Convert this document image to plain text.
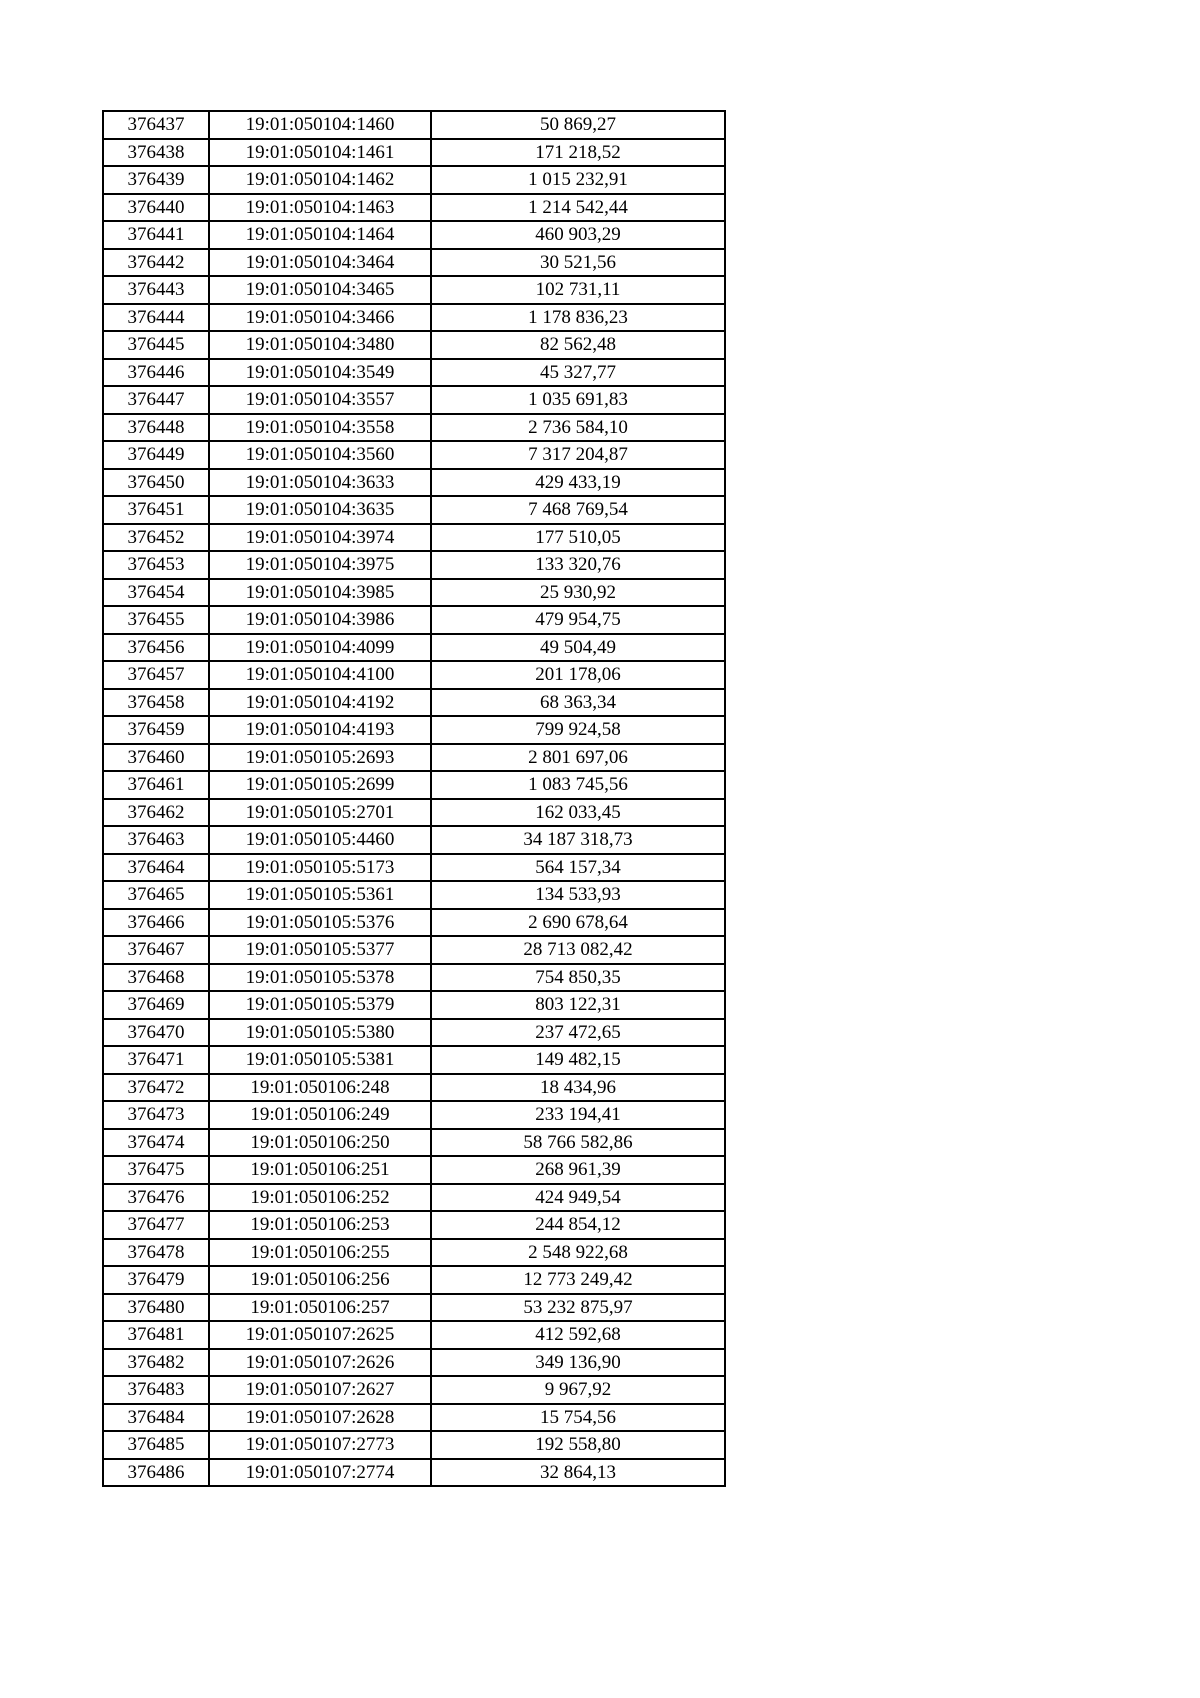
376437	19:01:050104:1460	50 869,27
376438	19:01:050104:1461	171 218,52
376439	19:01:050104:1462	1 015 232,91
376440	19:01:050104:1463	1 214 542,44
376441	19:01:050104:1464	460 903,29
376442	19:01:050104:3464	30 521,56
376443	19:01:050104:3465	102 731,11
376444	19:01:050104:3466	1 178 836,23
376445	19:01:050104:3480	82 562,48
376446	19:01:050104:3549	45 327,77
376447	19:01:050104:3557	1 035 691,83
376448	19:01:050104:3558	2 736 584,10
376449	19:01:050104:3560	7 317 204,87
376450	19:01:050104:3633	429 433,19
376451	19:01:050104:3635	7 468 769,54
376452	19:01:050104:3974	177 510,05
376453	19:01:050104:3975	133 320,76
376454	19:01:050104:3985	25 930,92
376455	19:01:050104:3986	479 954,75
376456	19:01:050104:4099	49 504,49
376457	19:01:050104:4100	201 178,06
376458	19:01:050104:4192	68 363,34
376459	19:01:050104:4193	799 924,58
376460	19:01:050105:2693	2 801 697,06
376461	19:01:050105:2699	1 083 745,56
376462	19:01:050105:2701	162 033,45
376463	19:01:050105:4460	34 187 318,73
376464	19:01:050105:5173	564 157,34
376465	19:01:050105:5361	134 533,93
376466	19:01:050105:5376	2 690 678,64
376467	19:01:050105:5377	28 713 082,42
376468	19:01:050105:5378	754 850,35
376469	19:01:050105:5379	803 122,31
376470	19:01:050105:5380	237 472,65
376471	19:01:050105:5381	149 482,15
376472	19:01:050106:248	18 434,96
376473	19:01:050106:249	233 194,41
376474	19:01:050106:250	58 766 582,86
376475	19:01:050106:251	268 961,39
376476	19:01:050106:252	424 949,54
376477	19:01:050106:253	244 854,12
376478	19:01:050106:255	2 548 922,68
376479	19:01:050106:256	12 773 249,42
376480	19:01:050106:257	53 232 875,97
376481	19:01:050107:2625	412 592,68
376482	19:01:050107:2626	349 136,90
376483	19:01:050107:2627	9 967,92
376484	19:01:050107:2628	15 754,56
376485	19:01:050107:2773	192 558,80
376486	19:01:050107:2774	32 864,13
